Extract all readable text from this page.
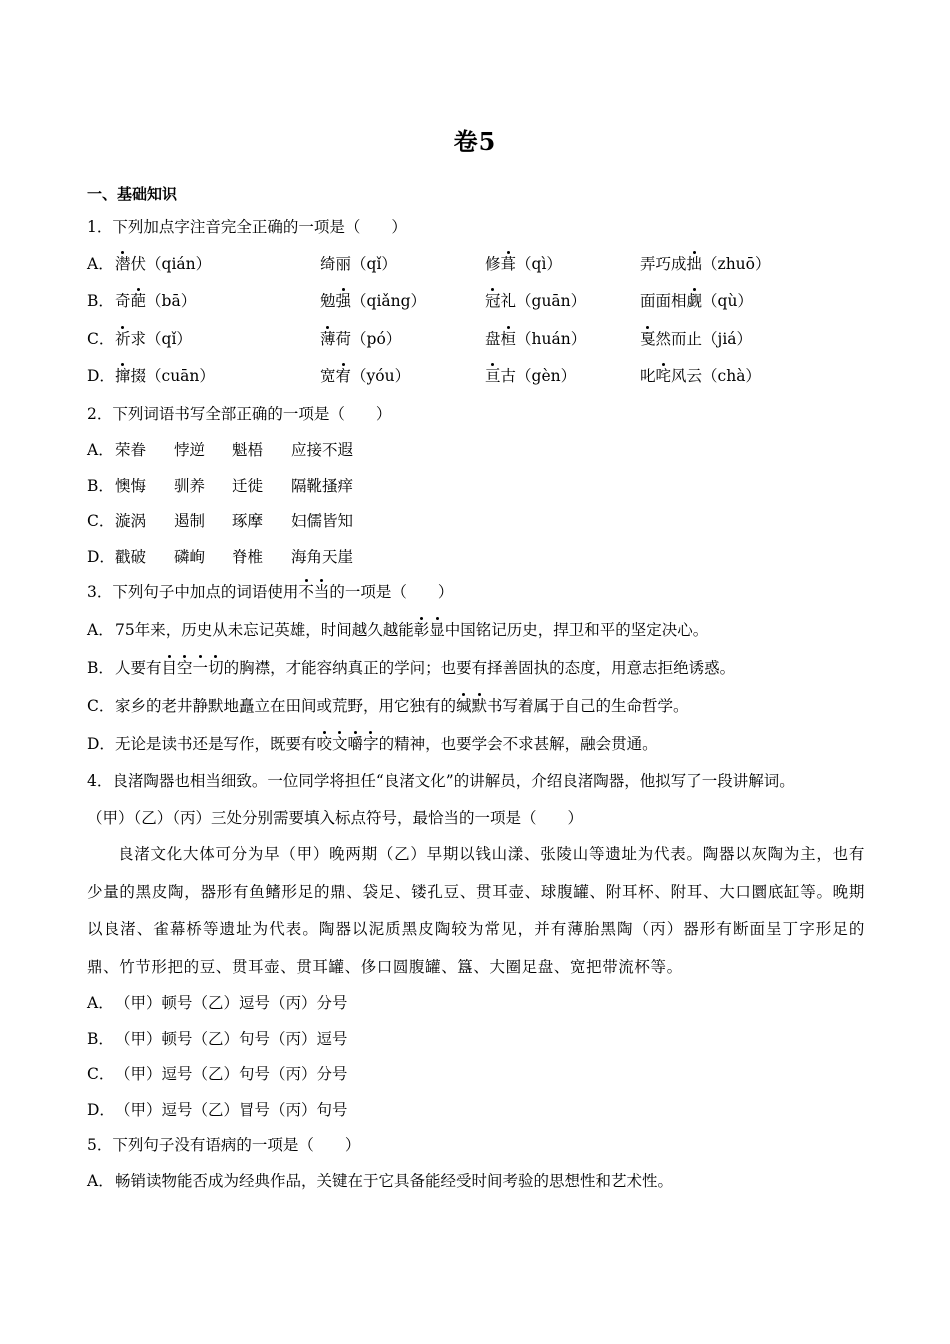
卷5
一、基础知识
1．下列加点字注音完全正确的一项是（　　）
A． 潜伏（qián）	绮丽（qǐ）	修葺（qì）	弄巧成拙（zhuō）
B． 奇葩（bā）	勉强（qiǎng）	冠礼（guān）	面面相觑（qù）
C． 祈求（qǐ）	薄荷（pó）	盘桓（huán）	戛然而止（jiá）
D． 撺掇（cuān）	宽宥（yóu）	亘古（gèn）	叱咤风云（chà）
2．下列词语书写全部正确的一项是（　　）
A． 荣眷 悖逆 魁梧 应接不遐
B． 懊悔 驯养 迁徙 隔靴搔痒
C． 漩涡 遏制 琢摩 妇儒皆知
D． 戳破 磷峋 脊椎 海角天崖
3．下列句子中加点的词语使用不当的一项是（　　）
A．75年来，历史从未忘记英雄，时间越久越能彰显中国铭记历史，捍卫和平的坚定决心。
B．人要有目空一切的胸襟，才能容纳真正的学问；也要有择善固执的态度，用意志拒绝诱惑。
C．家乡的老井静默地矗立在田间或荒野，用它独有的缄默书写着属于自己的生命哲学。
D．无论是读书还是写作，既要有咬文嚼字的精神，也要学会不求甚解，融会贯通。
4．良渚陶器也相当细致。一位同学将担任“良渚文化”的讲解员，介绍良渚陶器，他拟写了一段讲解词。
（甲）（乙）（丙）三处分别需要填入标点符号，最恰当的一项是（　　）
良渚文化大体可分为早（甲）晚两期（乙）早期以钱山漾、张陵山等遗址为代表。陶器以灰陶为主，也有少量的黑皮陶，器形有鱼鳍形足的鼎、袋足、镂孔豆、贯耳壶、球腹罐、附耳杯、附耳、大口圜底缸等。晚期以良渚、雀幕桥等遗址为代表。陶器以泥质黑皮陶较为常见，并有薄胎黑陶（丙）器形有断面呈丁字形足的鼎、竹节形把的豆、贯耳壶、贯耳罐、侈口圆腹罐、簋、大圈足盘、宽把带流杯等。
A．（甲）顿号（乙）逗号（丙）分号
B．（甲）顿号（乙）句号（丙）逗号
C．（甲）逗号（乙）句号（丙）分号
D．（甲）逗号（乙）冒号（丙）句号
5．下列句子没有语病的一项是（　　）
A．畅销读物能否成为经典作品，关键在于它具备能经受时间考验的思想性和艺术性。
